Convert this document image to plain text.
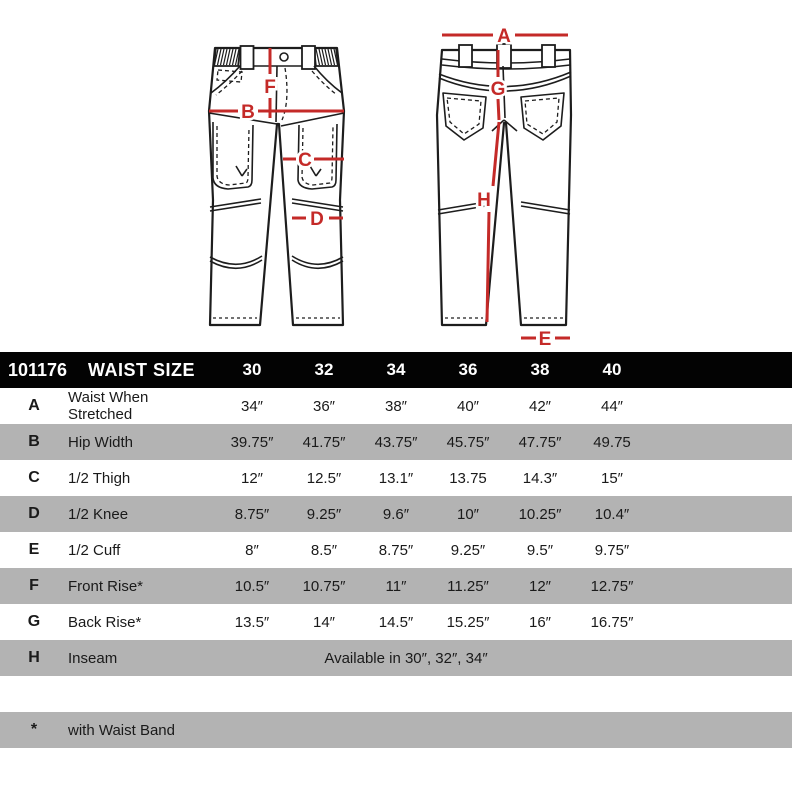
F
B
C
D
A
G
H
E
101176	WAIST SIZE	30	32	34	36	38	40
A	Waist When Stretched	34″	36″	38″	40″	42″	44″
B	Hip Width	39.75″	41.75″	43.75″	45.75″	47.75″	49.75
C	1/2 Thigh	12″	12.5″	13.1″	13.75	14.3″	15″
D	1/2 Knee	8.75″	9.25″	9.6″	10″	10.25″	10.4″
E	1/2 Cuff	8″	8.5″	8.75″	9.25″	9.5″	9.75″
F	Front Rise*	10.5″	10.75″	11″	11.25″	12″	12.75″
G	Back Rise*	13.5″	14″	14.5″	15.25″	16″	16.75″
H	Inseam	Available in 30″, 32″, 34″
*	with Waist Band
